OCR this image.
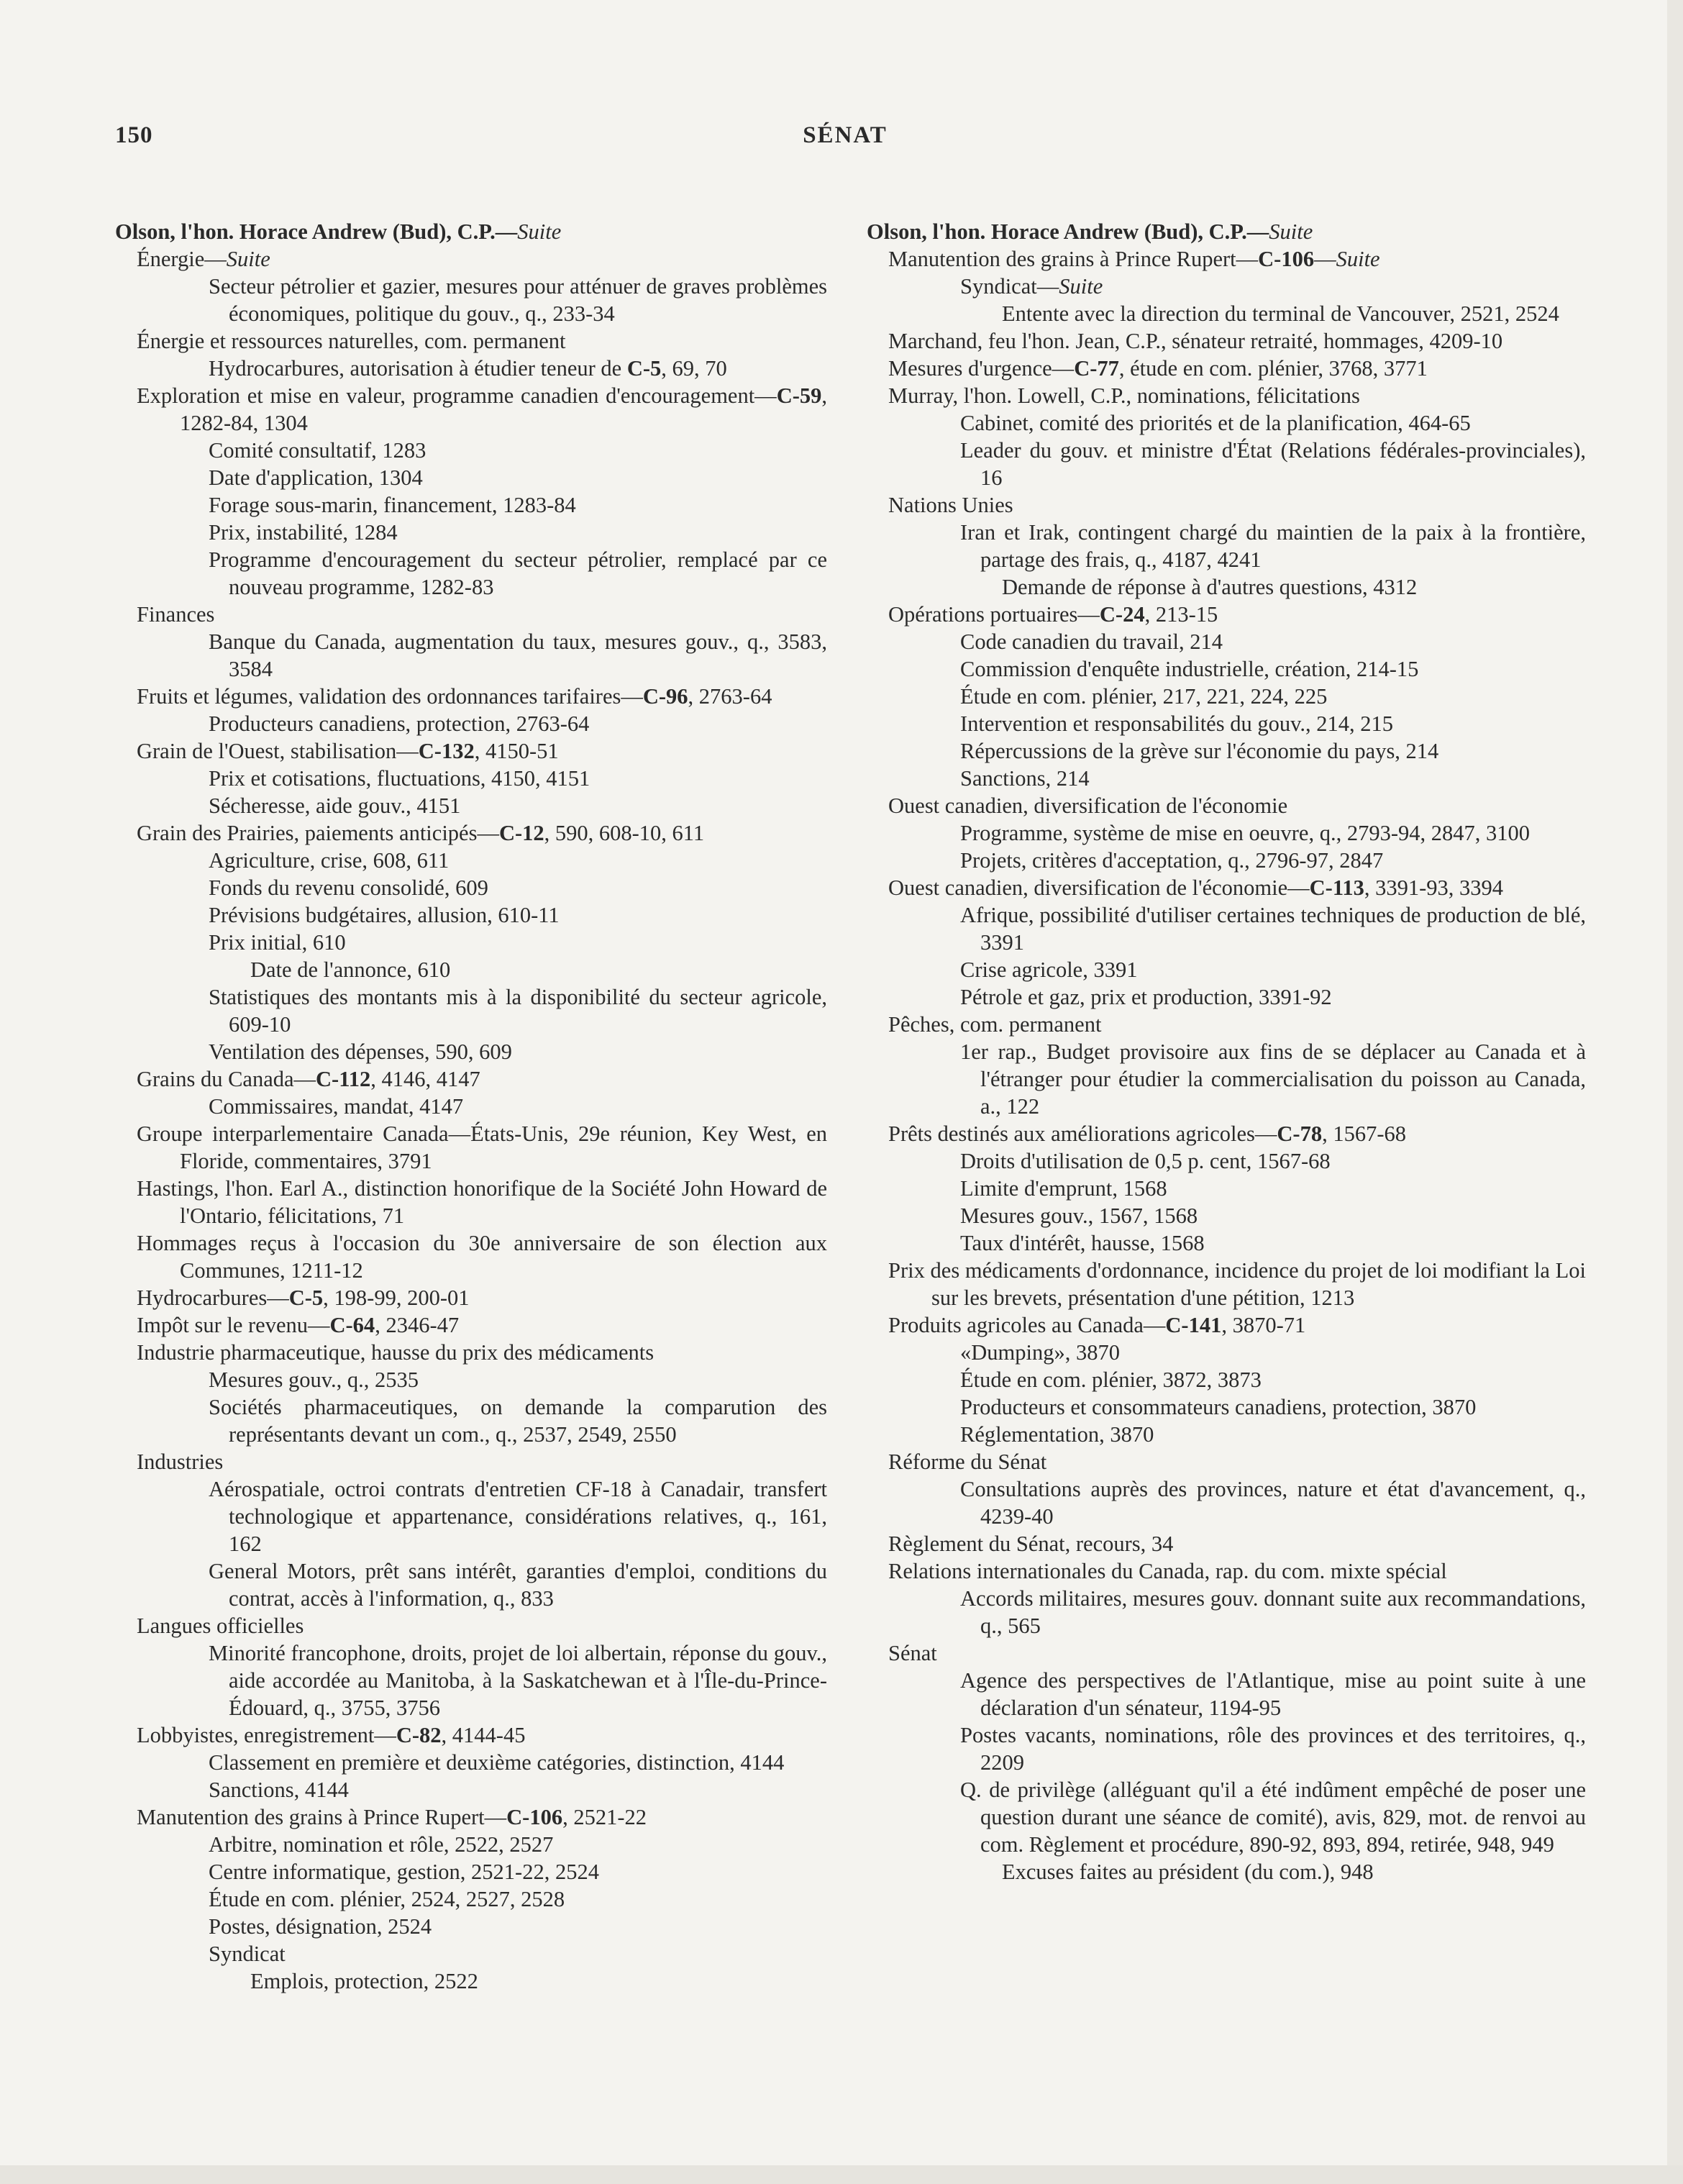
150	SÉNAT
Olson, l'hon. Horace Andrew (Bud), C.P.—Suite
Énergie—Suite
Secteur pétrolier et gazier, mesures pour atténuer de graves problèmes économiques, politique du gouv., q., 233-34
Énergie et ressources naturelles, com. permanent
Hydrocarbures, autorisation à étudier teneur de C-5, 69, 70
Exploration et mise en valeur, programme canadien d'encouragement—C-59, 1282-84, 1304
Comité consultatif, 1283
Date d'application, 1304
Forage sous-marin, financement, 1283-84
Prix, instabilité, 1284
Programme d'encouragement du secteur pétrolier, remplacé par ce nouveau programme, 1282-83
Finances
Banque du Canada, augmentation du taux, mesures gouv., q., 3583, 3584
Fruits et légumes, validation des ordonnances tarifaires—C-96, 2763-64
Producteurs canadiens, protection, 2763-64
Grain de l'Ouest, stabilisation—C-132, 4150-51
Prix et cotisations, fluctuations, 4150, 4151
Sécheresse, aide gouv., 4151
Grain des Prairies, paiements anticipés—C-12, 590, 608-10, 611
Agriculture, crise, 608, 611
Fonds du revenu consolidé, 609
Prévisions budgétaires, allusion, 610-11
Prix initial, 610
Date de l'annonce, 610
Statistiques des montants mis à la disponibilité du secteur agricole, 609-10
Ventilation des dépenses, 590, 609
Grains du Canada—C-112, 4146, 4147
Commissaires, mandat, 4147
Groupe interparlementaire Canada—États-Unis, 29e réunion, Key West, en Floride, commentaires, 3791
Hastings, l'hon. Earl A., distinction honorifique de la Société John Howard de l'Ontario, félicitations, 71
Hommages reçus à l'occasion du 30e anniversaire de son élection aux Communes, 1211-12
Hydrocarbures—C-5, 198-99, 200-01
Impôt sur le revenu—C-64, 2346-47
Industrie pharmaceutique, hausse du prix des médicaments
Mesures gouv., q., 2535
Sociétés pharmaceutiques, on demande la comparution des représentants devant un com., q., 2537, 2549, 2550
Industries
Aérospatiale, octroi contrats d'entretien CF-18 à Canadair, transfert technologique et appartenance, considérations relatives, q., 161, 162
General Motors, prêt sans intérêt, garanties d'emploi, conditions du contrat, accès à l'information, q., 833
Langues officielles
Minorité francophone, droits, projet de loi albertain, réponse du gouv., aide accordée au Manitoba, à la Saskatchewan et à l'Île-du-Prince-Édouard, q., 3755, 3756
Lobbyistes, enregistrement—C-82, 4144-45
Classement en première et deuxième catégories, distinction, 4144
Sanctions, 4144
Manutention des grains à Prince Rupert—C-106, 2521-22
Arbitre, nomination et rôle, 2522, 2527
Centre informatique, gestion, 2521-22, 2524
Étude en com. plénier, 2524, 2527, 2528
Postes, désignation, 2524
Syndicat
Emplois, protection, 2522
Olson, l'hon. Horace Andrew (Bud), C.P.—Suite
Manutention des grains à Prince Rupert—C-106—Suite
Syndicat—Suite
Entente avec la direction du terminal de Vancouver, 2521, 2524
Marchand, feu l'hon. Jean, C.P., sénateur retraité, hommages, 4209-10
Mesures d'urgence—C-77, étude en com. plénier, 3768, 3771
Murray, l'hon. Lowell, C.P., nominations, félicitations
Cabinet, comité des priorités et de la planification, 464-65
Leader du gouv. et ministre d'État (Relations fédérales-provinciales), 16
Nations Unies
Iran et Irak, contingent chargé du maintien de la paix à la frontière, partage des frais, q., 4187, 4241
Demande de réponse à d'autres questions, 4312
Opérations portuaires—C-24, 213-15
Code canadien du travail, 214
Commission d'enquête industrielle, création, 214-15
Étude en com. plénier, 217, 221, 224, 225
Intervention et responsabilités du gouv., 214, 215
Répercussions de la grève sur l'économie du pays, 214
Sanctions, 214
Ouest canadien, diversification de l'économie
Programme, système de mise en oeuvre, q., 2793-94, 2847, 3100
Projets, critères d'acceptation, q., 2796-97, 2847
Ouest canadien, diversification de l'économie—C-113, 3391-93, 3394
Afrique, possibilité d'utiliser certaines techniques de production de blé, 3391
Crise agricole, 3391
Pétrole et gaz, prix et production, 3391-92
Pêches, com. permanent
1er rap., Budget provisoire aux fins de se déplacer au Canada et à l'étranger pour étudier la commercialisation du poisson au Canada, a., 122
Prêts destinés aux améliorations agricoles—C-78, 1567-68
Droits d'utilisation de 0,5 p. cent, 1567-68
Limite d'emprunt, 1568
Mesures gouv., 1567, 1568
Taux d'intérêt, hausse, 1568
Prix des médicaments d'ordonnance, incidence du projet de loi modifiant la Loi sur les brevets, présentation d'une pétition, 1213
Produits agricoles au Canada—C-141, 3870-71
«Dumping», 3870
Étude en com. plénier, 3872, 3873
Producteurs et consommateurs canadiens, protection, 3870
Réglementation, 3870
Réforme du Sénat
Consultations auprès des provinces, nature et état d'avancement, q., 4239-40
Règlement du Sénat, recours, 34
Relations internationales du Canada, rap. du com. mixte spécial
Accords militaires, mesures gouv. donnant suite aux recommandations, q., 565
Sénat
Agence des perspectives de l'Atlantique, mise au point suite à une déclaration d'un sénateur, 1194-95
Postes vacants, nominations, rôle des provinces et des territoires, q., 2209
Q. de privilège (alléguant qu'il a été indûment empêché de poser une question durant une séance de comité), avis, 829, mot. de renvoi au com. Règlement et procédure, 890-92, 893, 894, retirée, 948, 949
Excuses faites au président (du com.), 948
